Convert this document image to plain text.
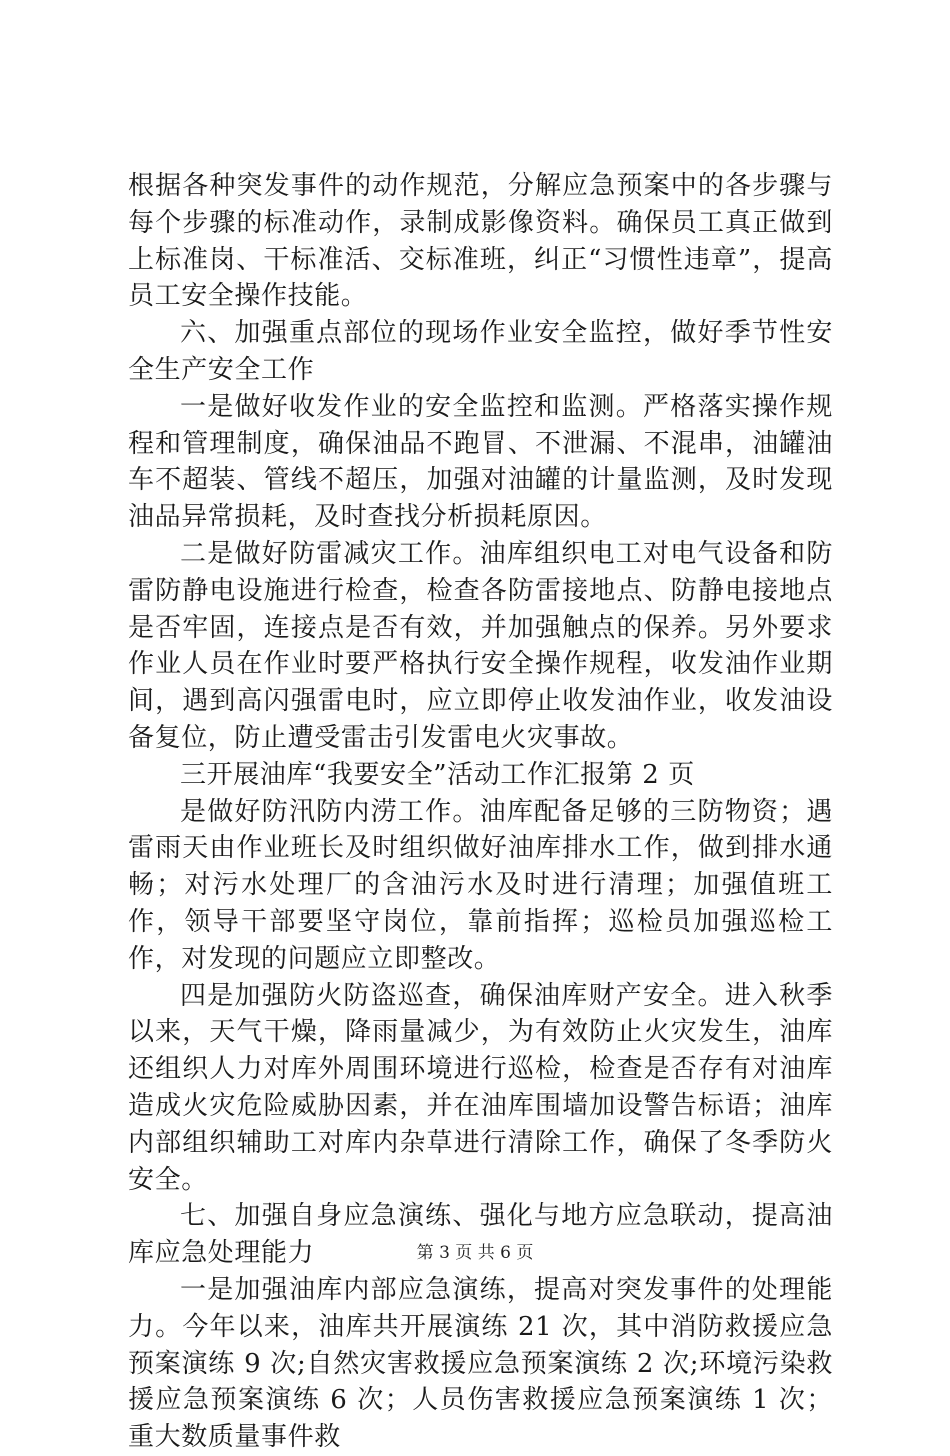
根据各种突发事件的动作规范，分解应急预案中的各步骤与每个步骤的标准动作，录制成影像资料。确保员工真正做到上标准岗、干标准活、交标准班，纠正“习惯性违章”，提高员工安全操作技能。

六、加强重点部位的现场作业安全监控，做好季节性安全生产安全工作

一是做好收发作业的安全监控和监测。严格落实操作规程和管理制度，确保油品不跑冒、不泄漏、不混串，油罐油车不超装、管线不超压，加强对油罐的计量监测，及时发现油品异常损耗，及时查找分析损耗原因。

二是做好防雷减灾工作。油库组织电工对电气设备和防雷防静电设施进行检查，检查各防雷接地点、防静电接地点是否牢固，连接点是否有效，并加强触点的保养。另外要求作业人员在作业时要严格执行安全操作规程，收发油作业期间，遇到高闪强雷电时，应立即停止收发油作业，收发油设备复位，防止遭受雷击引发雷电火灾事故。

三开展油库“我要安全”活动工作汇报第 2 页

是做好防汛防内涝工作。油库配备足够的三防物资；遇雷雨天由作业班长及时组织做好油库排水工作，做到排水通畅；对污水处理厂的含油污水及时进行清理；加强值班工作，领导干部要坚守岗位，靠前指挥；巡检员加强巡检工作，对发现的问题应立即整改。

四是加强防火防盗巡查，确保油库财产安全。进入秋季以来，天气干燥，降雨量减少，为有效防止火灾发生，油库还组织人力对库外周围环境进行巡检，检查是否存有对油库造成火灾危险威胁因素，并在油库围墙加设警告标语；油库内部组织辅助工对库内杂草进行清除工作，确保了冬季防火安全。

七、加强自身应急演练、强化与地方应急联动，提高油库应急处理能力

一是加强油库内部应急演练，提高对突发事件的处理能力。今年以来，油库共开展演练 21 次，其中消防救援应急预案演练 9 次;自然灾害救援应急预案演练 2 次;环境污染救援应急预案演练 6 次；人员伤害救援应急预案演练 1 次；重大数质量事件救

第 3 页 共 6 页
